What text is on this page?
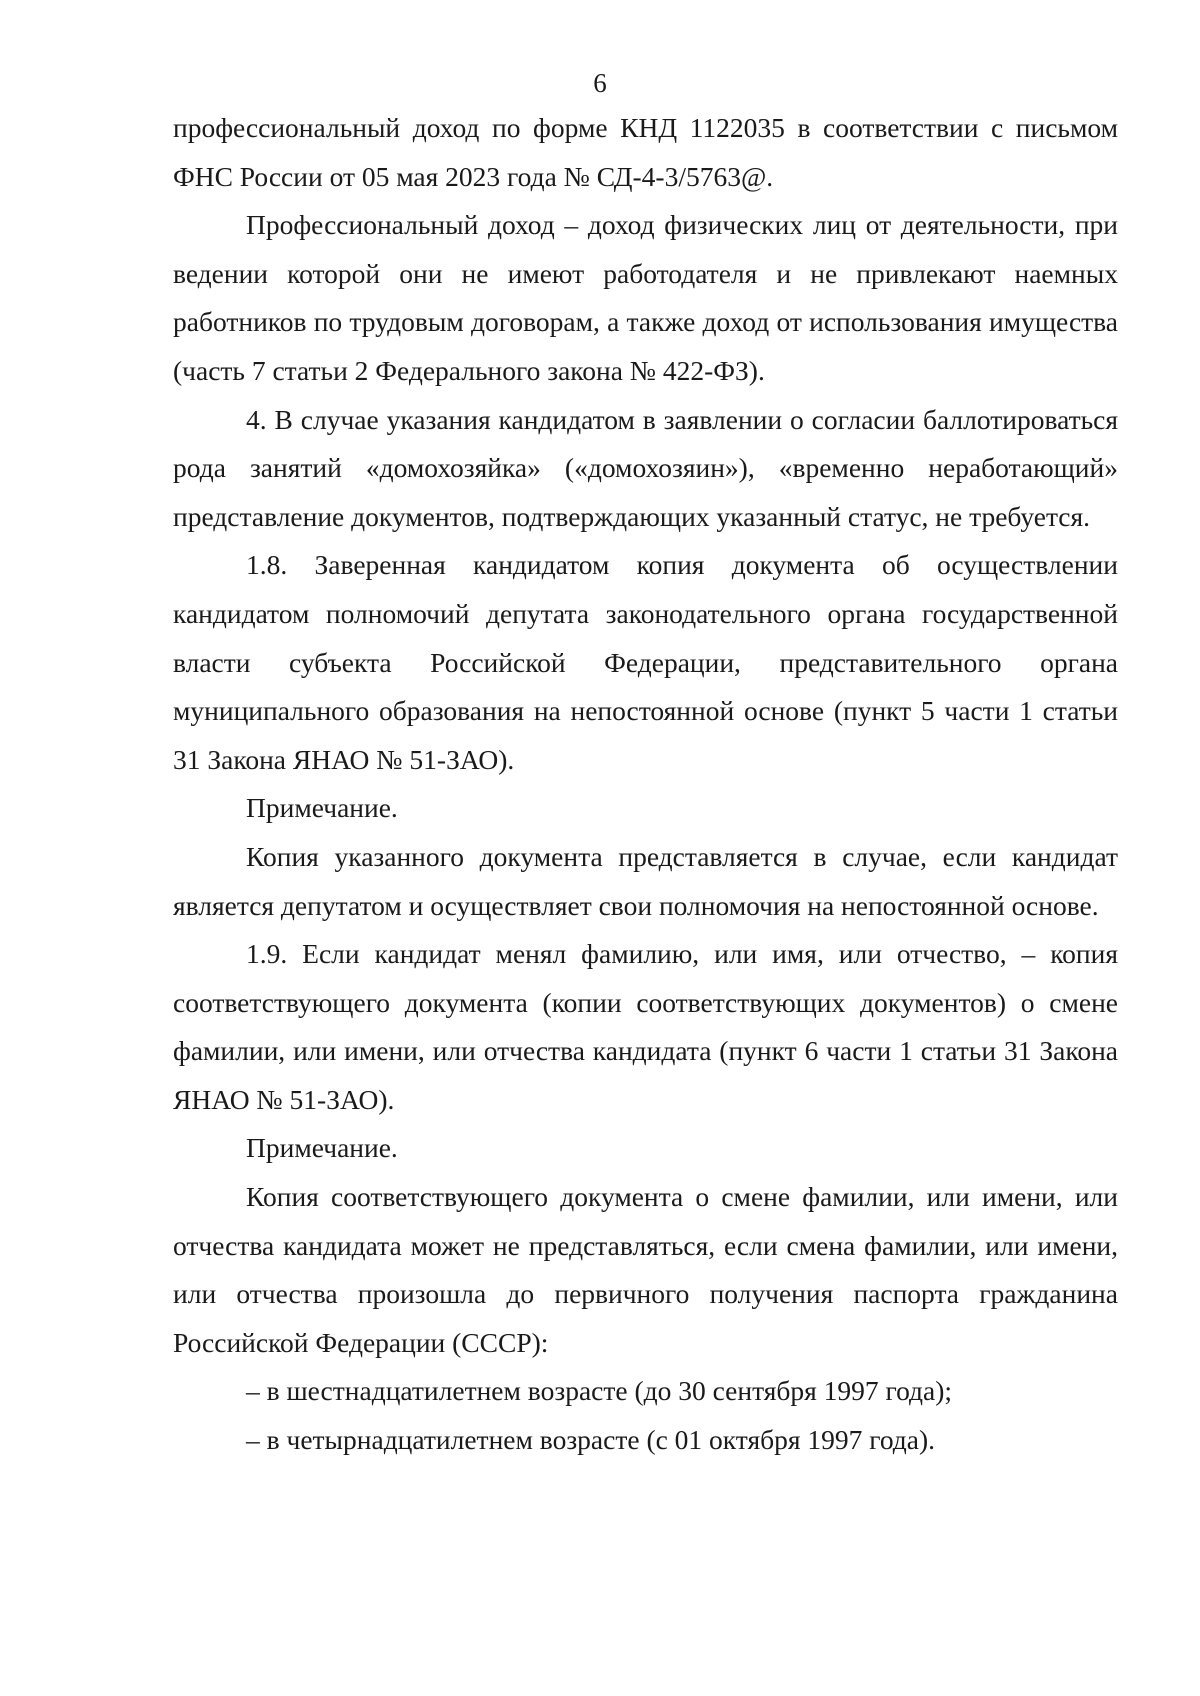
6

профессиональный доход по форме КНД 1122035 в соответствии с письмом ФНС России от 05 мая 2023 года № СД-4-3/5763@.

Профессиональный доход – доход физических лиц от деятельности, при ведении которой они не имеют работодателя и не привлекают наемных работников по трудовым договорам, а также доход от использования имущества (часть 7 статьи 2 Федерального закона № 422-ФЗ).

4. В случае указания кандидатом в заявлении о согласии баллотироваться рода занятий «домохозяйка» («домохозяин»), «временно неработающий» представление документов, подтверждающих указанный статус, не требуется.

1.8. Заверенная кандидатом копия документа об осуществлении кандидатом полномочий депутата законодательного органа государственной власти субъекта Российской Федерации, представительного органа муниципального образования на непостоянной основе (пункт 5 части 1 статьи 31 Закона ЯНАО № 51-ЗАО).

Примечание.

Копия указанного документа представляется в случае, если кандидат является депутатом и осуществляет свои полномочия на непостоянной основе.

1.9. Если кандидат менял фамилию, или имя, или отчество, – копия соответствующего документа (копии соответствующих документов) о смене фамилии, или имени, или отчества кандидата (пункт 6 части 1 статьи 31 Закона ЯНАО № 51-ЗАО).

Примечание.

Копия соответствующего документа о смене фамилии, или имени, или отчества кандидата может не представляться, если смена фамилии, или имени, или отчества произошла до первичного получения паспорта гражданина Российской Федерации (СССР):

– в шестнадцатилетнем возрасте (до 30 сентября 1997 года);

– в четырнадцатилетнем возрасте (с 01 октября 1997 года).
